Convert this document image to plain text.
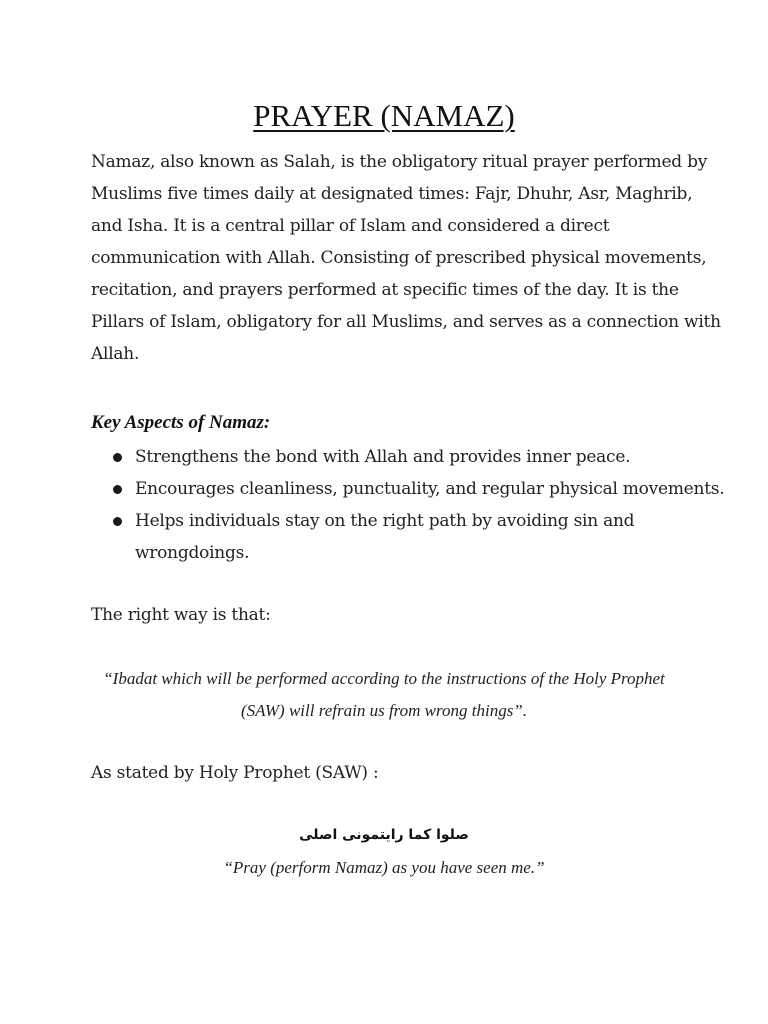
PRAYER (NAMAZ)
Namaz, also known as Salah, is the obligatory ritual prayer performed by
Muslims five times daily at designated times: Fajr, Dhuhr, Asr, Maghrib,
and Isha. It is a central pillar of Islam and considered a direct
communication with Allah. Consisting of prescribed physical movements,
recitation, and prayers performed at specific times of the day. It is the
Pillars of Islam, obligatory for all Muslims, and serves as a connection with
Allah.
Key Aspects of Namaz:
Strengthens the bond with Allah and provides inner peace.
Encourages cleanliness, punctuality, and regular physical movements.
Helps individuals stay on the right path by avoiding sin and
wrongdoings.
The right way is that:
“Ibadat which will be performed according to the instructions of the Holy Prophet
(SAW) will refrain us from wrong things”.
As stated by Holy Prophet (SAW) :
صلوا كما رايتمونى اصلى
“Pray (perform Namaz) as you have seen me.”
